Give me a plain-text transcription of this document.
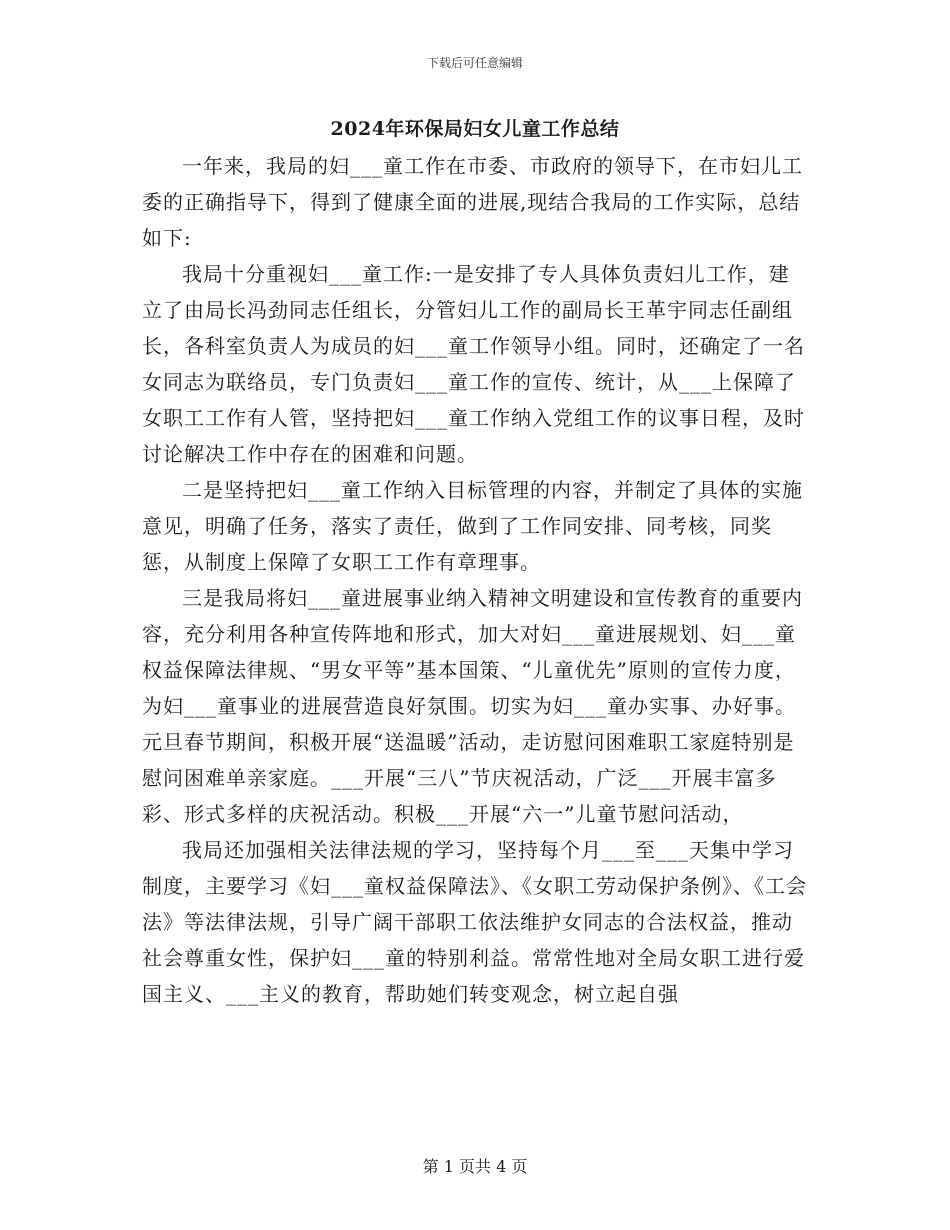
下载后可任意编辑
2024年环保局妇女儿童工作总结

一年来，我局的妇___童工作在市委、市政府的领导下，在市妇儿工委的正确指导下，得到了健康全面的进展,现结合我局的工作实际，总结如下:

我局十分重视妇___童工作:一是安排了专人具体负责妇儿工作，建立了由局长冯劲同志任组长，分管妇儿工作的副局长王革宇同志任副组长，各科室负责人为成员的妇___童工作领导小组。同时，还确定了一名女同志为联络员，专门负责妇___童工作的宣传、统计，从___上保障了女职工工作有人管，坚持把妇___童工作纳入党组工作的议事日程，及时讨论解决工作中存在的困难和问题。

二是坚持把妇___童工作纳入目标管理的内容，并制定了具体的实施意见，明确了任务，落实了责任，做到了工作同安排、同考核，同奖惩，从制度上保障了女职工工作有章理事。

三是我局将妇___童进展事业纳入精神文明建设和宣传教育的重要内容，充分利用各种宣传阵地和形式，加大对妇___童进展规划、妇___童权益保障法律规、“男女平等”基本国策、“儿童优先”原则的宣传力度，为妇___童事业的进展营造良好氛围。切实为妇___童办实事、办好事。元旦春节期间，积极开展“送温暖”活动，走访慰问困难职工家庭特别是慰问困难单亲家庭。___开展“三八”节庆祝活动，广泛___开展丰富多彩、形式多样的庆祝活动。积极___开展“六一”儿童节慰问活动，

我局还加强相关法律法规的学习，坚持每个月___至___天集中学习制度，主要学习《妇___童权益保障法》、《女职工劳动保护条例》、《工会法》等法律法规，引导广阔干部职工依法维护女同志的合法权益，推动社会尊重女性，保护妇___童的特别利益。常常性地对全局女职工进行爱国主义、___主义的教育，帮助她们转变观念，树立起自强

第 1 页共 4 页
